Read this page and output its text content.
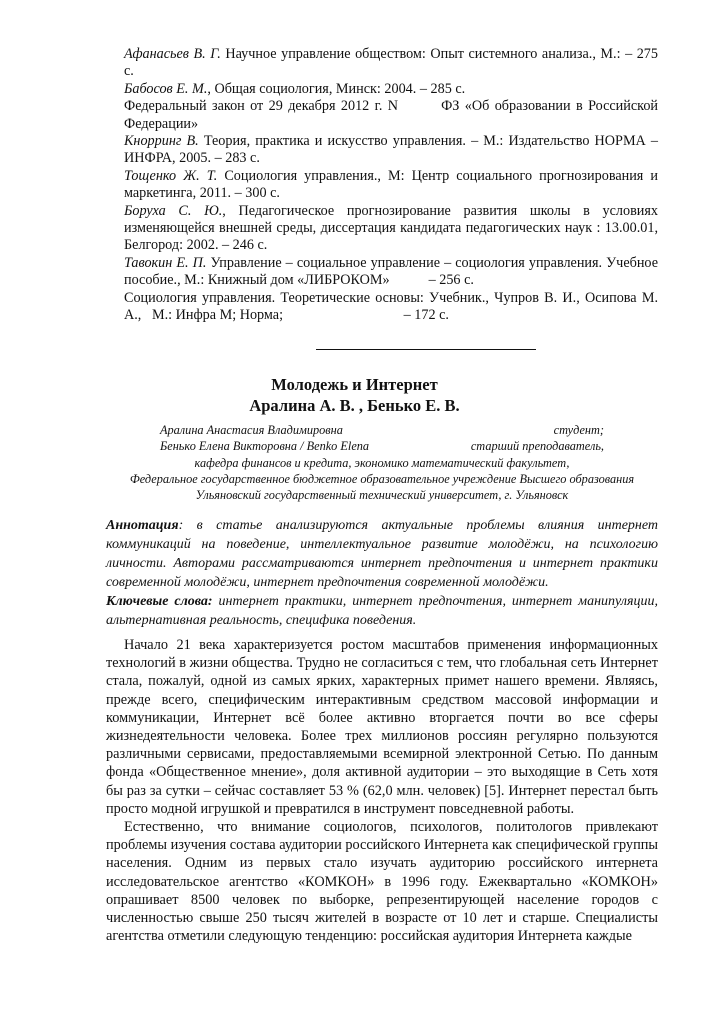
Афанасьев В. Г. Научное управление обществом: Опыт системного анализа., М.: – 275 с.

Бабосов Е. М., Общая социология, Минск: 2004. – 285 с.

Федеральный закон от 29 декабря 2012 г. N        ФЗ «Об образовании в Российской Федерации»

Кнорринг В. Теория, практика и искусство управления. – М.: Издательство НОРМА – ИНФРА, 2005. – 283 с.

Тощенко Ж. Т. Социология управления., М: Центр социального прогнозирования и маркетинга, 2011. – 300 с.

Боруха С. Ю., Педагогическое прогнозирование развития школы в условиях изменяющейся внешней среды, диссертация кандидата педагогических наук : 13.00.01, Белгород: 2002. – 246 с.

Тавокин Е. П. Управление – социальное управление – социология управления. Учебное пособие., М.: Книжный дом «ЛИБРОКОМ»           – 256 с.

Социология управления. Теоретические основы: Учебник., Чупров В. И., Осипова М. А.,   М.: Инфра М; Норма;                                  – 172 с.

Молодежь и Интернет
Аралина А. В. , Бенько Е. В.
Аралина Анастасия Владимировна	студент;
Бенько Елена Викторовна / Benko Elena	старший преподаватель,
кафедра финансов и кредита, экономико математический факультет,
Федеральное государственное бюджетное образовательное учреждение Высшего образования
Ульяновский государственный технический университет, г. Ульяновск

Аннотация: в статье анализируются актуальные проблемы влияния интернет коммуникаций на поведение, интеллектуальное развитие молодёжи, на психологию личности. Авторами рассматриваются интернет предпочтения и интернет практики современной молодёжи, интернет предпочтения современной молодёжи.

Ключевые слова: интернет практики, интернет предпочтения, интернет манипуляции, альтернативная реальность, специфика поведения.

Начало 21 века характеризуется ростом масштабов применения информационных технологий в жизни общества. Трудно не согласиться с тем, что глобальная сеть Интернет стала, пожалуй, одной из самых ярких, характерных примет нашего времени. Являясь, прежде всего, специфическим интерактивным средством массовой информации и коммуникации, Интернет всё более активно вторгается почти во все сферы жизнедеятельности человека. Более трех миллионов россиян регулярно пользуются различными сервисами, предоставляемыми всемирной электронной Сетью. По данным фонда «Общественное мнение», доля активной аудитории – это выходящие в Сеть хотя бы раз за сутки – сейчас составляет 53 % (62,0 млн. человек) [5]. Интернет перестал быть просто модной игрушкой и превратился в инструмент повседневной работы.

Естественно, что внимание социологов, психологов, политологов привлекают проблемы изучения состава аудитории российского Интернета как специфической группы населения. Одним из первых стало изучать аудиторию российского интернета исследовательское агентство «КОМКОН» в 1996 году. Ежеквартально «КОМКОН» опрашивает 8500 человек по выборке, репрезентирующей население городов с численностью свыше 250 тысяч жителей в возрасте от 10 лет и старше. Специалисты агентства отметили следующую тенденцию: российская аудитория Интернета каждые
